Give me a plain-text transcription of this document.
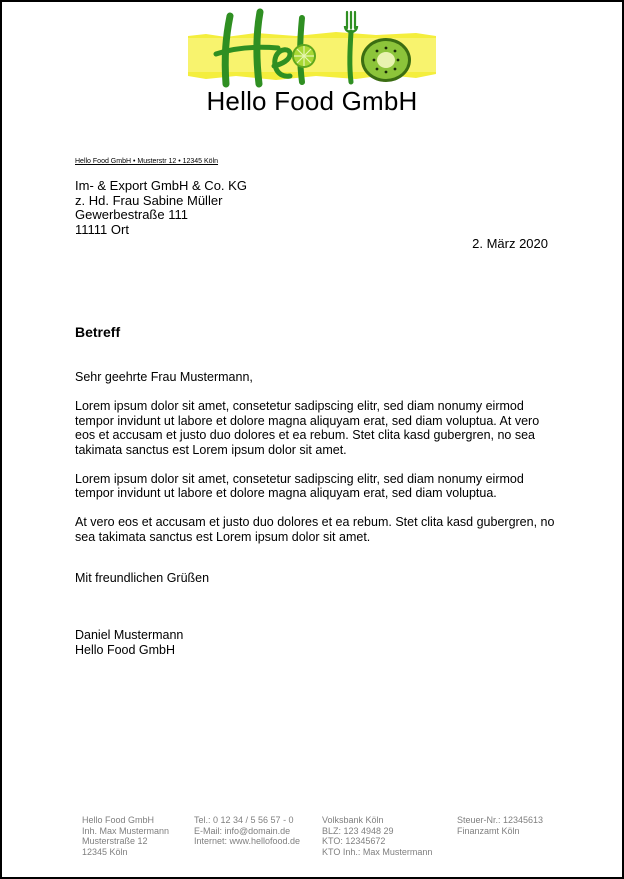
Hello Food GmbH
Hello Food GmbH • Musterstr 12 • 12345 Köln
Im- & Export GmbH & Co. KG
z. Hd. Frau Sabine Müller
Gewerbestraße 111
11111 Ort
2. März 2020
Betreff

Sehr geehrte Frau Mustermann,

Lorem ipsum dolor sit amet, consetetur sadipscing elitr, sed diam nonumy eirmod tempor invidunt ut labore et dolore magna aliquyam erat, sed diam voluptua. At vero eos et accusam et justo duo dolores et ea rebum. Stet clita kasd gubergren, no sea takimata sanctus est Lorem ipsum dolor sit amet.

Lorem ipsum dolor sit amet, consetetur sadipscing elitr, sed diam nonumy eirmod tempor invidunt ut labore et dolore magna aliquyam erat, sed diam voluptua.

At vero eos et accusam et justo duo dolores et ea rebum. Stet clita kasd gubergren, no sea takimata sanctus est Lorem ipsum dolor sit amet.

Mit freundlichen Grüßen
Daniel Mustermann
Hello Food GmbH
Hello Food GmbH
Inh. Max Mustermann
Musterstraße 12
12345 Köln
Tel.: 0 12 34 / 5 56 57 - 0
E-Mail: info@domain.de
Internet: www.hellofood.de
Volksbank Köln
BLZ: 123 4948 29
KTO: 12345672
KTO Inh.: Max Mustermann
Steuer-Nr.: 12345613
Finanzamt Köln
